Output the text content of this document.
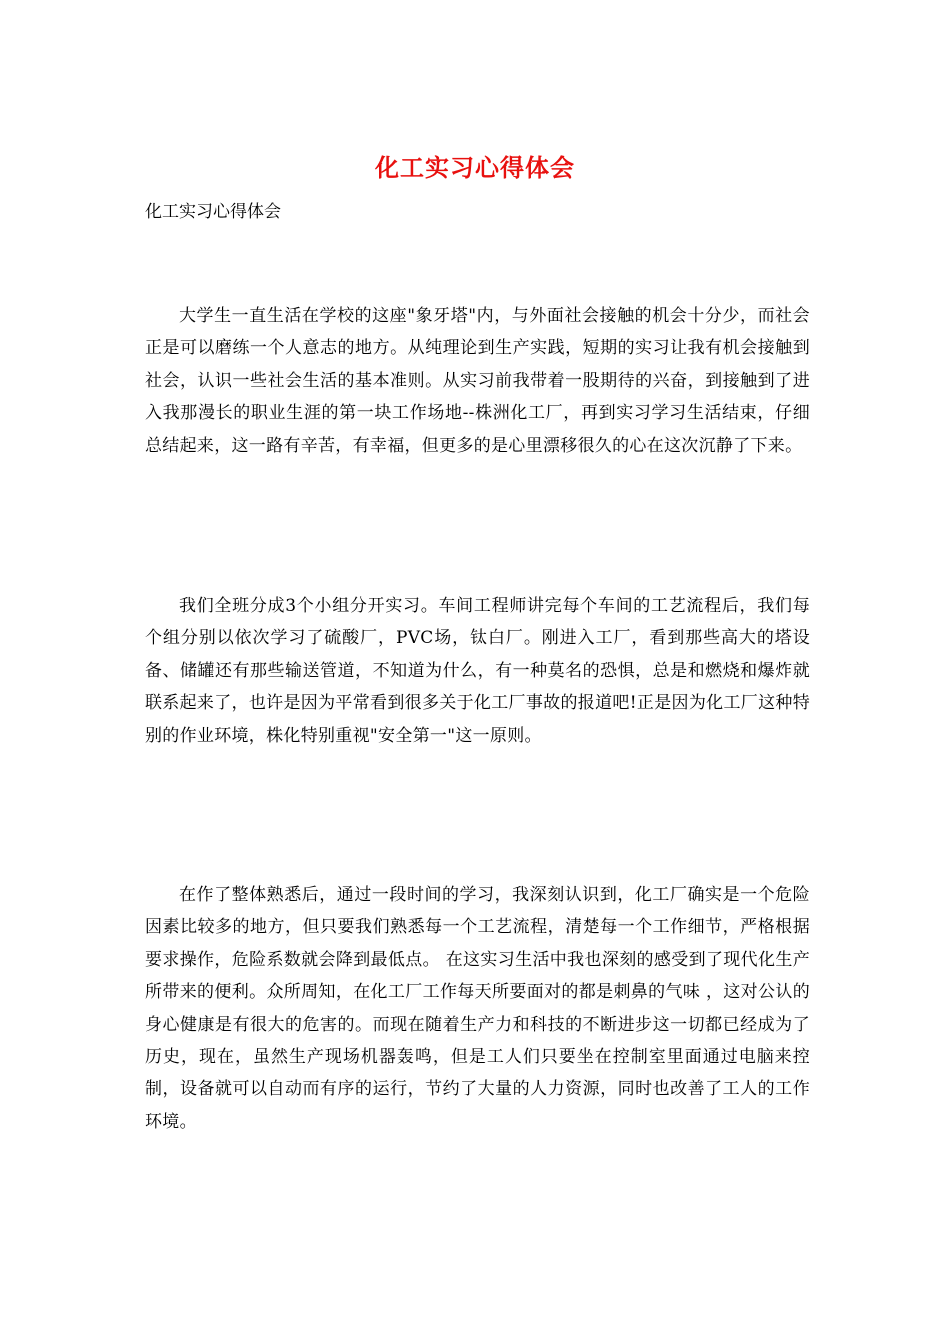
化工实习心得体会
化工实习心得体会

大学生一直生活在学校的这座"象牙塔"内，与外面社会接触的机会十分少，而社会正是可以磨练一个人意志的地方。从纯理论到生产实践，短期的实习让我有机会接触到社会，认识一些社会生活的基本准则。从实习前我带着一股期待的兴奋，到接触到了进入我那漫长的职业生涯的第一块工作场地--株洲化工厂，再到实习学习生活结束，仔细总结起来，这一路有辛苦，有幸福，但更多的是心里漂移很久的心在这次沉静了下来。

我们全班分成3个小组分开实习。车间工程师讲完每个车间的工艺流程后，我们每个组分别以依次学习了硫酸厂，PVC场，钛白厂。刚进入工厂，看到那些高大的塔设备、储罐还有那些输送管道，不知道为什么，有一种莫名的恐惧，总是和燃烧和爆炸就联系起来了，也许是因为平常看到很多关于化工厂事故的报道吧!正是因为化工厂这种特别的作业环境，株化特别重视"安全第一"这一原则。

在作了整体熟悉后，通过一段时间的学习，我深刻认识到，化工厂确实是一个危险因素比较多的地方，但只要我们熟悉每一个工艺流程，清楚每一个工作细节，严格根据要求操作，危险系数就会降到最低点。 在这实习生活中我也深刻的感受到了现代化生产所带来的便利。众所周知，在化工厂工作每天所要面对的都是刺鼻的气味 ，这对公认的身心健康是有很大的危害的。而现在随着生产力和科技的不断进步这一切都已经成为了历史，现在，虽然生产现场机器轰鸣，但是工人们只要坐在控制室里面通过电脑来控制，设备就可以自动而有序的运行，节约了大量的人力资源，同时也改善了工人的工作环境。
